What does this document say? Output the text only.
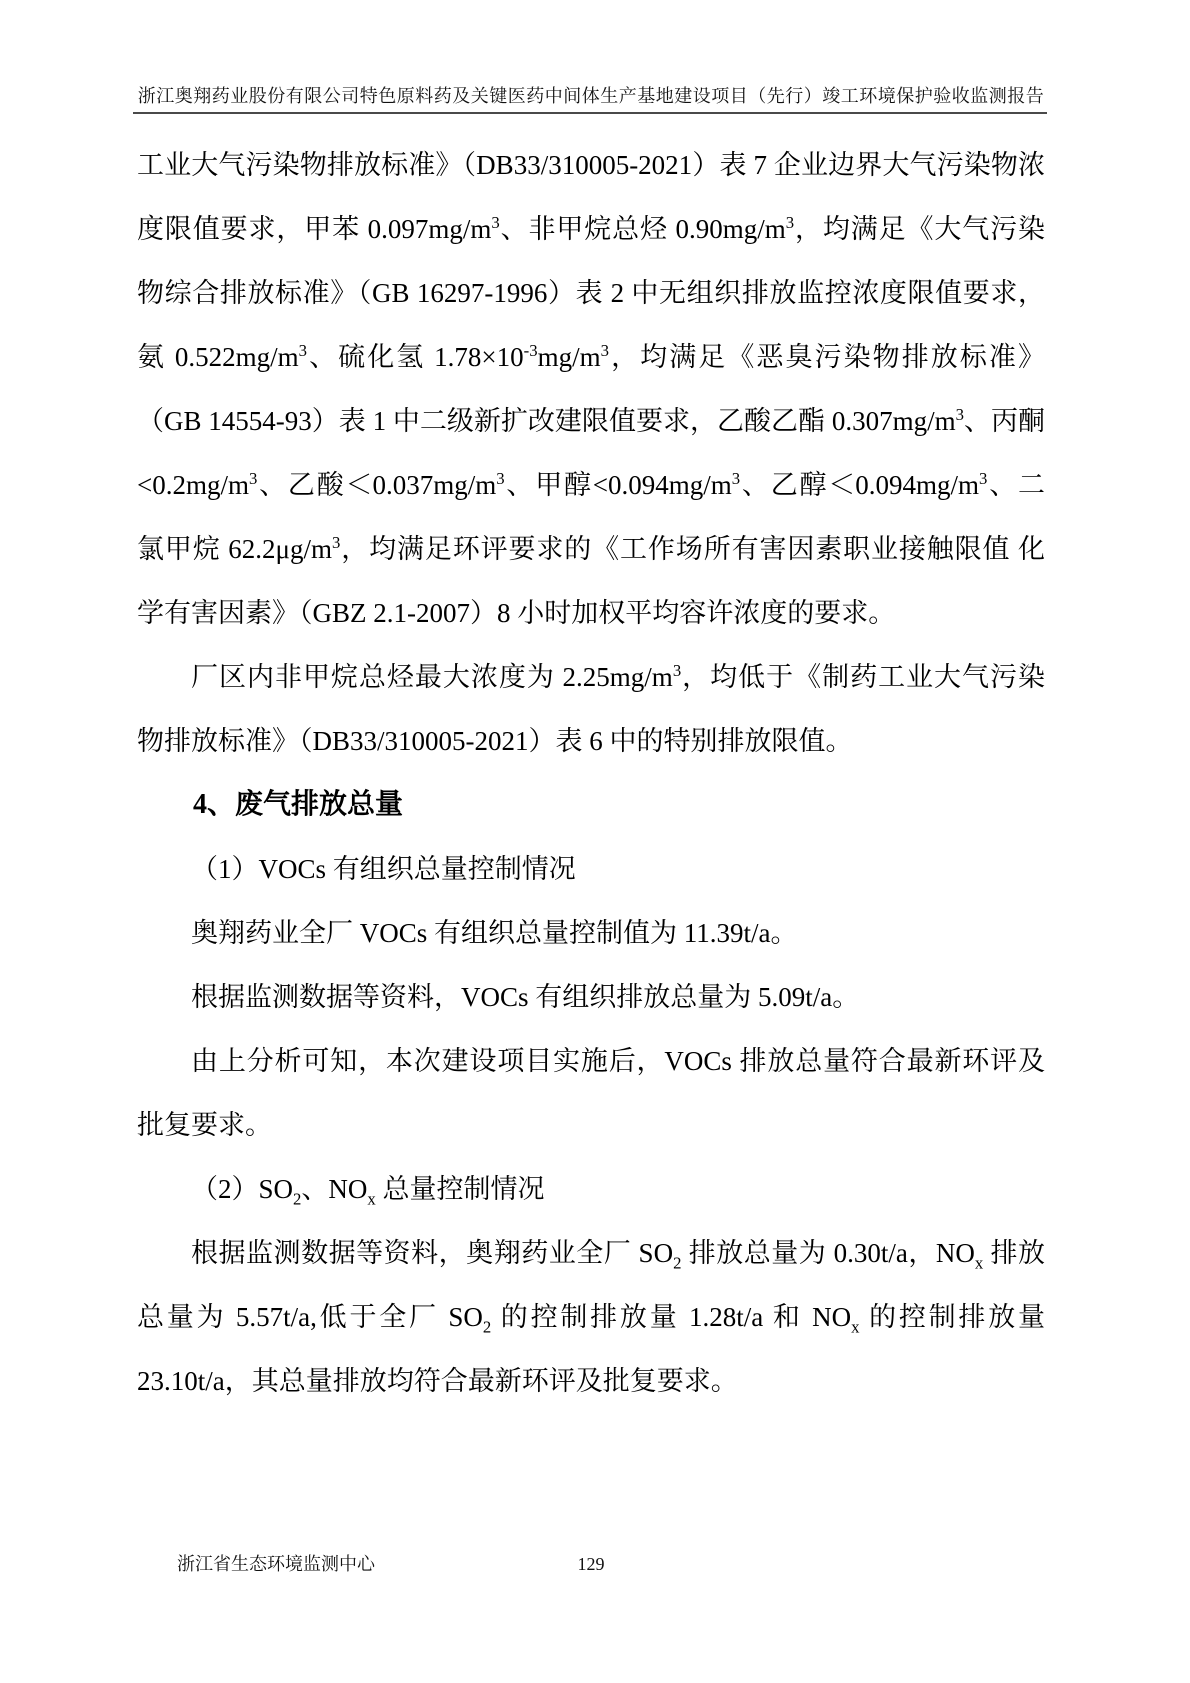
浙江奥翔药业股份有限公司特色原料药及关键医药中间体生产基地建设项目（先行）竣工环境保护验收监测报告

工业大气污染物排放标准》（DB33/310005-2021）表 7 企业边界大气污染物浓度限值要求，甲苯 $0.097mg/m^3$、非甲烷总烃 $0.90mg/m^3$，均满足《大气污染物综合排放标准》（GB 16297-1996）表 2 中无组织排放监控浓度限值要求，氨 $0.522mg/m^3$、硫化氢 $1.78\times 10^{-3}mg/m^3$，均满足《恶臭污染物排放标准》（GB 14554-93）表 1 中二级新扩改建限值要求，乙酸乙酯 $0.307mg/m^3$、丙酮$<0.2mg/m^3$、乙酸$<0.037mg/m^3$、甲醇$<0.094mg/m^3$、乙醇$<0.094mg/m^3$、二氯甲烷 $62.2\mu g/m^3$，均满足环评要求的《工作场所有害因素职业接触限值 化学有害因素》（GBZ 2.1-2007）8 小时加权平均容许浓度的要求。

厂区内非甲烷总烃最大浓度为 $2.25mg/m^3$，均低于《制药工业大气污染物排放标准》（DB33/310005-2021）表 6 中的特别排放限值。

4、废气排放总量

（1）VOCs 有组织总量控制情况

奥翔药业全厂 VOCs 有组织总量控制值为 11.39t/a。

根据监测数据等资料，VOCs 有组织排放总量为 5.09t/a。

由上分析可知，本次建设项目实施后，VOCs 排放总量符合最新环评及批复要求。

$(2)SO_2$、$NO_x$ 总量控制情况

根据监测数据等资料，奥翔药业全厂 $SO_2$ 排放总量为 0.30t/a，$NO_x$ 排放总量为 5.57t/a,低于全厂 $SO_2$ 的控制排放量 1.28t/a 和 $NO_x$ 的控制排放量 23.10t/a，其总量排放均符合最新环评及批复要求。

浙江省生态环境监测中心	129
